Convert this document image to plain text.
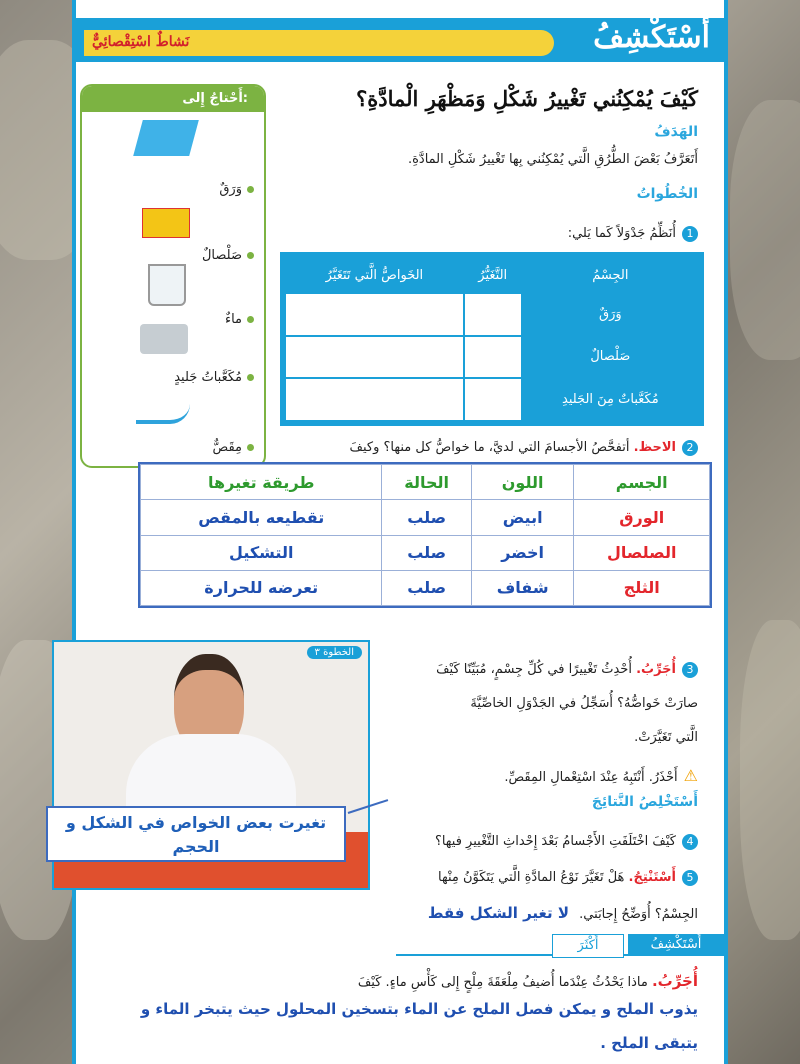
نَشاطٌ اسْتِقْصائِيٌّ	أَسْتَكْشِفُ
كَيْفَ يُمْكِنُني تَغْييرُ شَكْلِ وَمَظْهَرِ الْمادَّةِ؟
الهَدَفُ
أَتَعَرَّفُ بَعْضَ الطُّرُقِ الَّتي يُمْكِنُني بِها تَغْييرُ شَكْلِ المادَّةِ.
الخُطُواتُ
1أُنَظِّمُ جَدْوَلاً كَما يَلي:
الجِسْمُ	التَّغَيُّرُ	الخَواصُّ الَّتي تَتَغَيَّرُ
وَرَقٌ		
صَلْصالٌ		
مُكَعَّباتٌ مِنَ الجَليدِ		
أَحْتاجُ إِلى:
وَرَقٌ
صَلْصالٌ
ماءٌ
مُكَعَّباتُ جَليدٍ
مِقَصٌّ	2الاحظ. أتفحَّصُ الأجسامَ التي لديَّ، ما خواصُّ كل منها؟ وكيفَ
3أُجَرِّبُ. أُحْدِثُ تَغْييرًا في كُلِّ جِسْمٍ، مُبَيِّنًا كَيْفَ
صارَتْ خَواصُّهُ؟ أُسَجِّلُ في الجَدْوَلِ الخاصِّيَّةَ
الَّتي تَغَيَّرَتْ.
⚠أَحْذَرُ. أَنْتَبِهُ عِنْدَ اسْتِعْمالِ المِقَصِّ.
أَسْتَخْلِصُ النَّتائِجَ
4كَيْفَ اخْتَلَفَتِ الأَجْسامُ بَعْدَ إِحْداثِ التَّغْييرِ فيها؟
5أَسْتَنْتِجُ. هَلْ تَغَيَّرَ نَوْعُ المادَّةِ الَّتي يَتَكَوَّنُ مِنْها
الجِسْمُ؟ أُوَضِّحُ إِجابَتي. لا تغير الشكل فقط
أَسْتَكْشِفُ
أَكْثَرَ
أُجَرِّبُ. ماذا يَحْدُثُ عِنْدَما أُضيفُ مِلْعَقَةَ مِلْحٍ إِلى كَأْسِ ماءٍ. كَيْفَ
يذوب الملح و يمكن فصل الملح عن الماء بتسخين المحلول حيث يتبخر الماء و
يتبقى الملح .
الجسم	اللون	الحالة	طريقة تغيرها
الورق	ابيض	صلب	تقطيعه بالمقص
الصلصال	اخضر	صلب	التشكيل
الثلج	شفاف	صلب	تعرضه للحرارة
الخطوة ٣
تغيرت بعض الخواص في الشكل و الحجم
